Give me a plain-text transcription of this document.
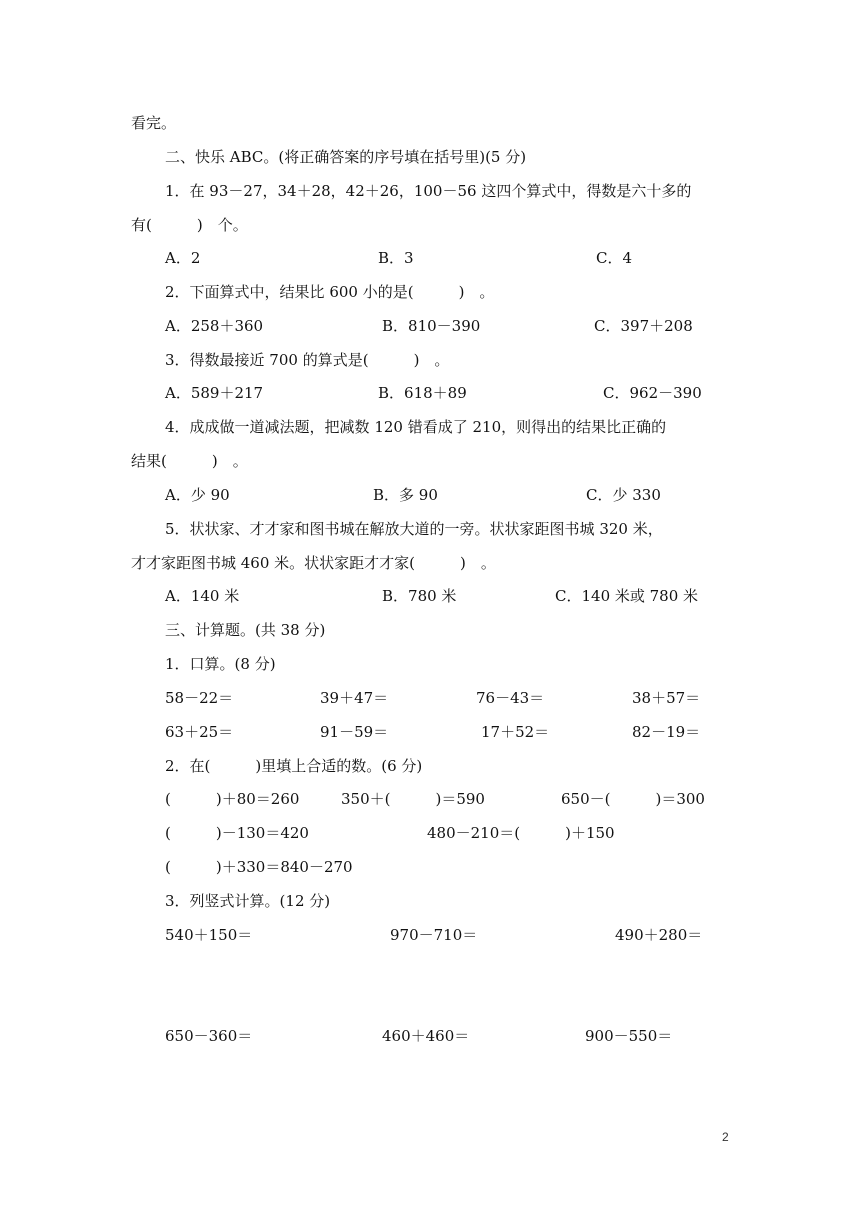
看完。
二、快乐 ABC。(将正确答案的序号填在括号里)(5 分)
1．在 93－27，34＋28，42＋26，100－56 这四个算式中，得数是六十多的
有(　　　)　个。
A．2	B．3	C．4
2．下面算式中，结果比 600 小的是(　　　)　。
A．258＋360	B．810－390	C．397＋208
3．得数最接近 700 的算式是(　　　)　。
A．589＋217	B．618＋89	C．962－390
4．成成做一道减法题，把减数 120 错看成了 210，则得出的结果比正确的
结果(　　　)　。
A．少 90	B．多 90	C．少 330
5．状状家、才才家和图书城在解放大道的一旁。状状家距图书城 320 米，
才才家距图书城 460 米。状状家距才才家(　　　)　。
A．140 米	B．780 米	C．140 米或 780 米
三、计算题。(共 38 分)
1．口算。(8 分)
58－22＝	39＋47＝	76－43＝	38＋57＝
63＋25＝	91－59＝	17＋52＝	82－19＝
2．在(　　　)里填上合适的数。(6 分)
(　　　)＋80＝260	350＋(　　　)＝590	650－(　　　)＝300
(　　　)－130＝420	480－210＝(　　　)＋150
(　　　)＋330＝840－270
3．列竖式计算。(12 分)
540＋150＝	970－710＝	490＋280＝
650－360＝	460＋460＝	900－550＝
2
